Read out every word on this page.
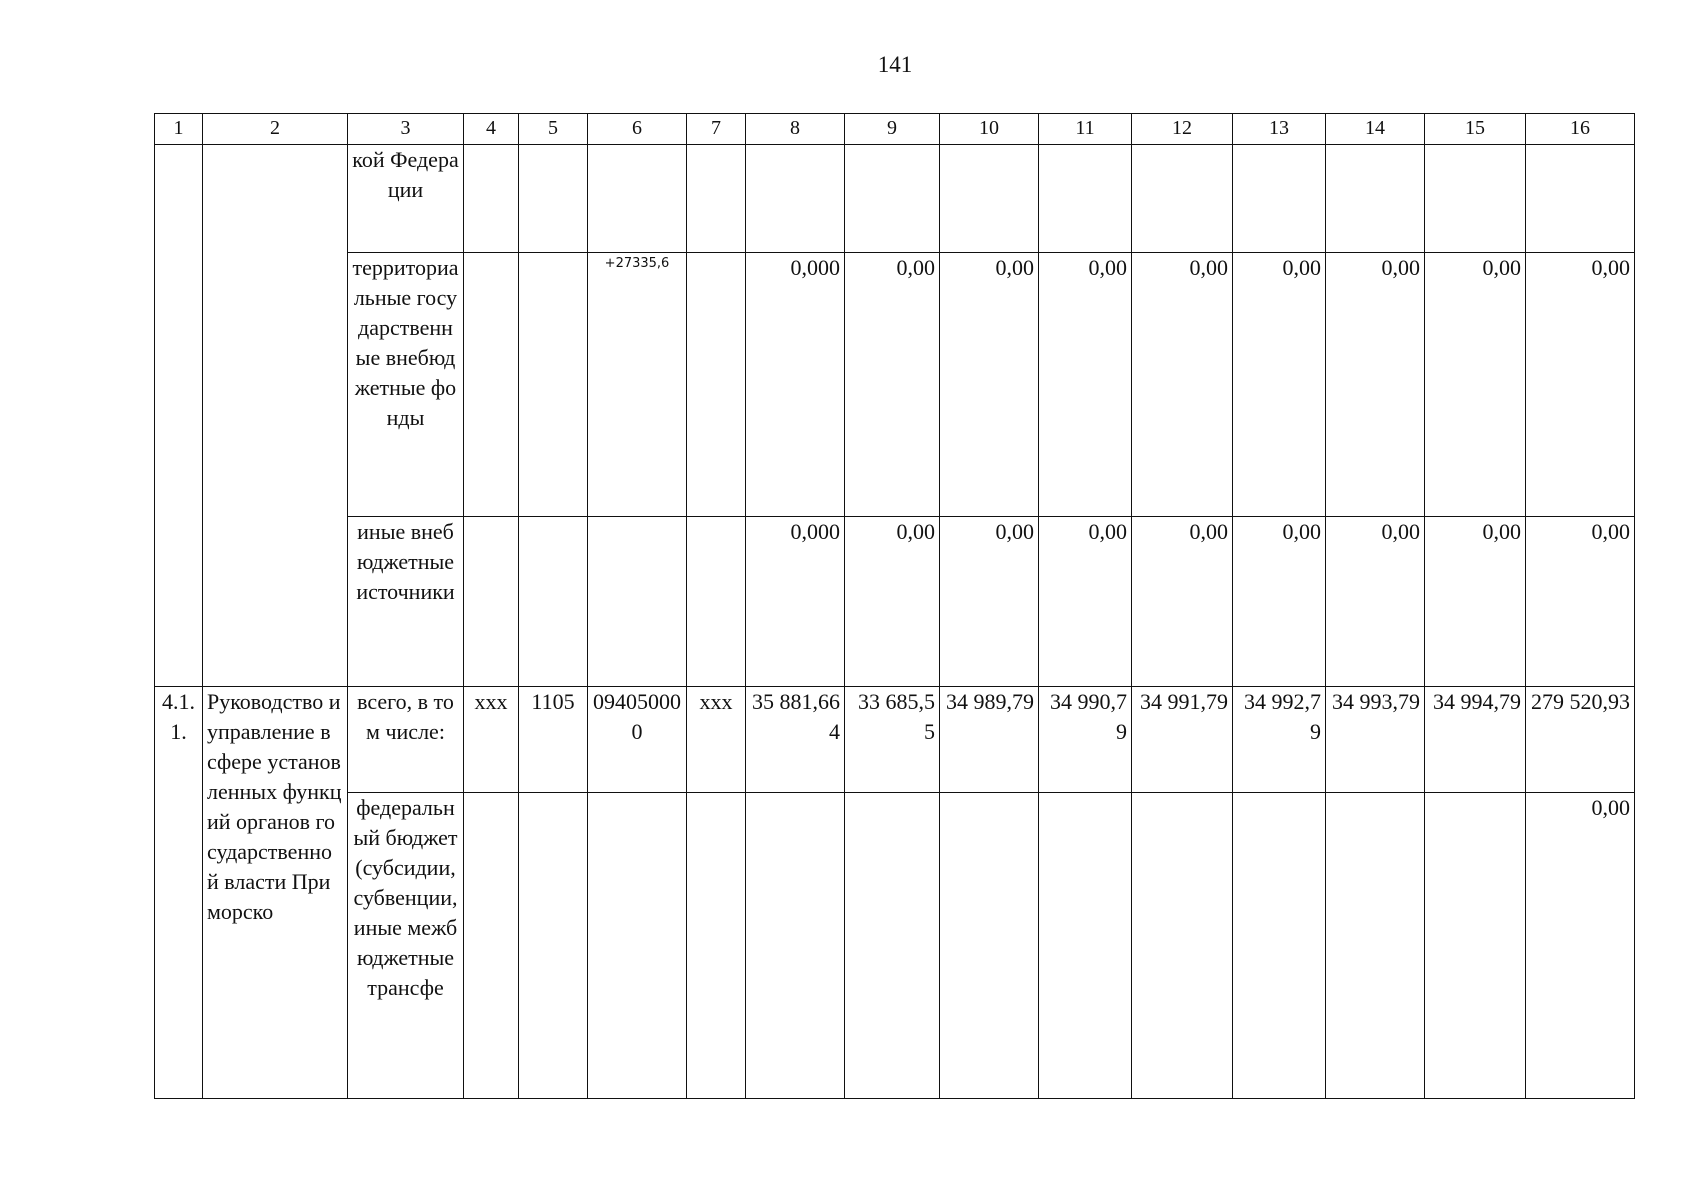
141
1	2	3	4	5	6	7	8	9	10	11	12	13	14	15	16
		кой Федерации													
		территориальные государственные внебюджетные фонды			+27335,6		0,000	0,00	0,00	0,00	0,00	0,00	0,00	0,00	0,00
		иные внебюджетные источники					0,000	0,00	0,00	0,00	0,00	0,00	0,00	0,00	0,00
4.1.1.	Руководство и управление в сфере установленных функций органов государственной власти Приморско	всего, в том числе:	ххх	1105	094050000	ххх	35 881,664	33 685,55	34 989,79	34 990,79	34 991,79	34 992,79	34 993,79	34 994,79	279 520,93
		федеральный бюджет (субсидии, субвенции, иные межбюджетные трансфе													0,00
